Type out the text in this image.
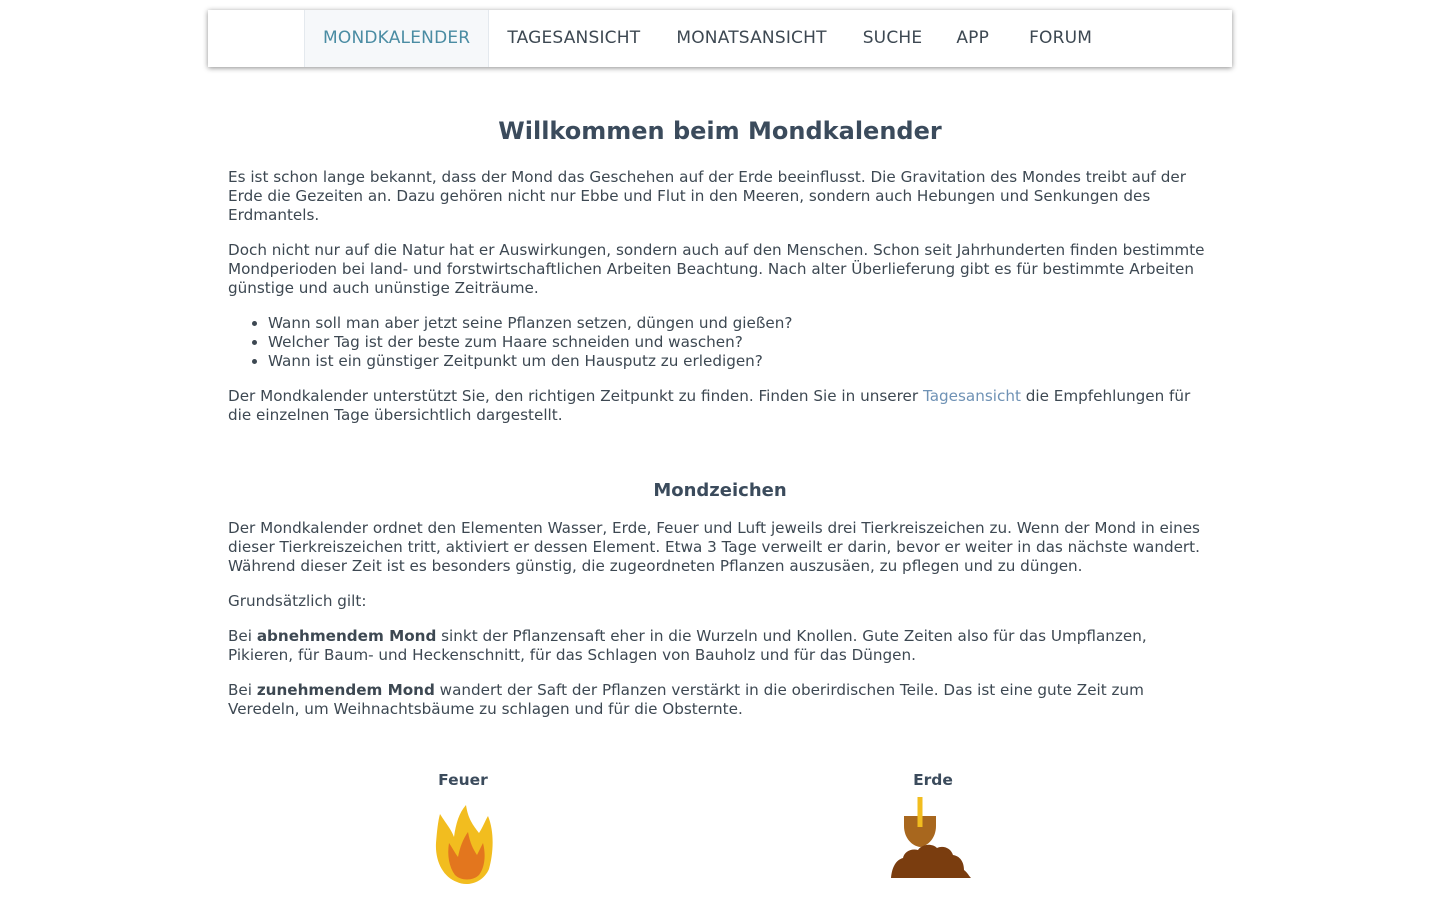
MONDKALENDER	TAGESANSICHT	MONATSANSICHT	SUCHE	APP	FORUM
Willkommen beim Mondkalender

Es ist schon lange bekannt, dass der Mond das Geschehen auf der Erde beeinflusst. Die Gravitation des Mondes treibt auf der Erde die Gezeiten an. Dazu gehören nicht nur Ebbe und Flut in den Meeren, sondern auch Hebungen und Senkungen des Erdmantels.

Doch nicht nur auf die Natur hat er Auswirkungen, sondern auch auf den Menschen. Schon seit Jahrhunderten finden bestimmte Mondperioden bei land- und forstwirtschaftlichen Arbeiten Beachtung. Nach alter Überlieferung gibt es für bestimmte Arbeiten günstige und auch unünstige Zeiträume.

• Wann soll man aber jetzt seine Pflanzen setzen, düngen und gießen?
• Welcher Tag ist der beste zum Haare schneiden und waschen?
• Wann ist ein günstiger Zeitpunkt um den Hausputz zu erledigen?

Der Mondkalender unterstützt Sie, den richtigen Zeitpunkt zu finden. Finden Sie in unserer Tagesansicht die Empfehlungen für die einzelnen Tage übersichtlich dargestellt.

Mondzeichen

Der Mondkalender ordnet den Elementen Wasser, Erde, Feuer und Luft jeweils drei Tierkreiszeichen zu. Wenn der Mond in eines dieser Tierkreiszeichen tritt, aktiviert er dessen Element. Etwa 3 Tage verweilt er darin, bevor er weiter in das nächste wandert. Während dieser Zeit ist es besonders günstig, die zugeordneten Pflanzen auszusäen, zu pflegen und zu düngen.

Grundsätzlich gilt:

Bei abnehmendem Mond sinkt der Pflanzensaft eher in die Wurzeln und Knollen. Gute Zeiten also für das Umpflanzen, Pikieren, für Baum- und Heckenschnitt, für das Schlagen von Bauholz und für das Düngen.

Bei zunehmendem Mond wandert der Saft der Pflanzen verstärkt in die oberirdischen Teile. Das ist eine gute Zeit zum Veredeln, um Weihnachtsbäume zu schlagen und für die Obsternte.

Feuer	Erde
